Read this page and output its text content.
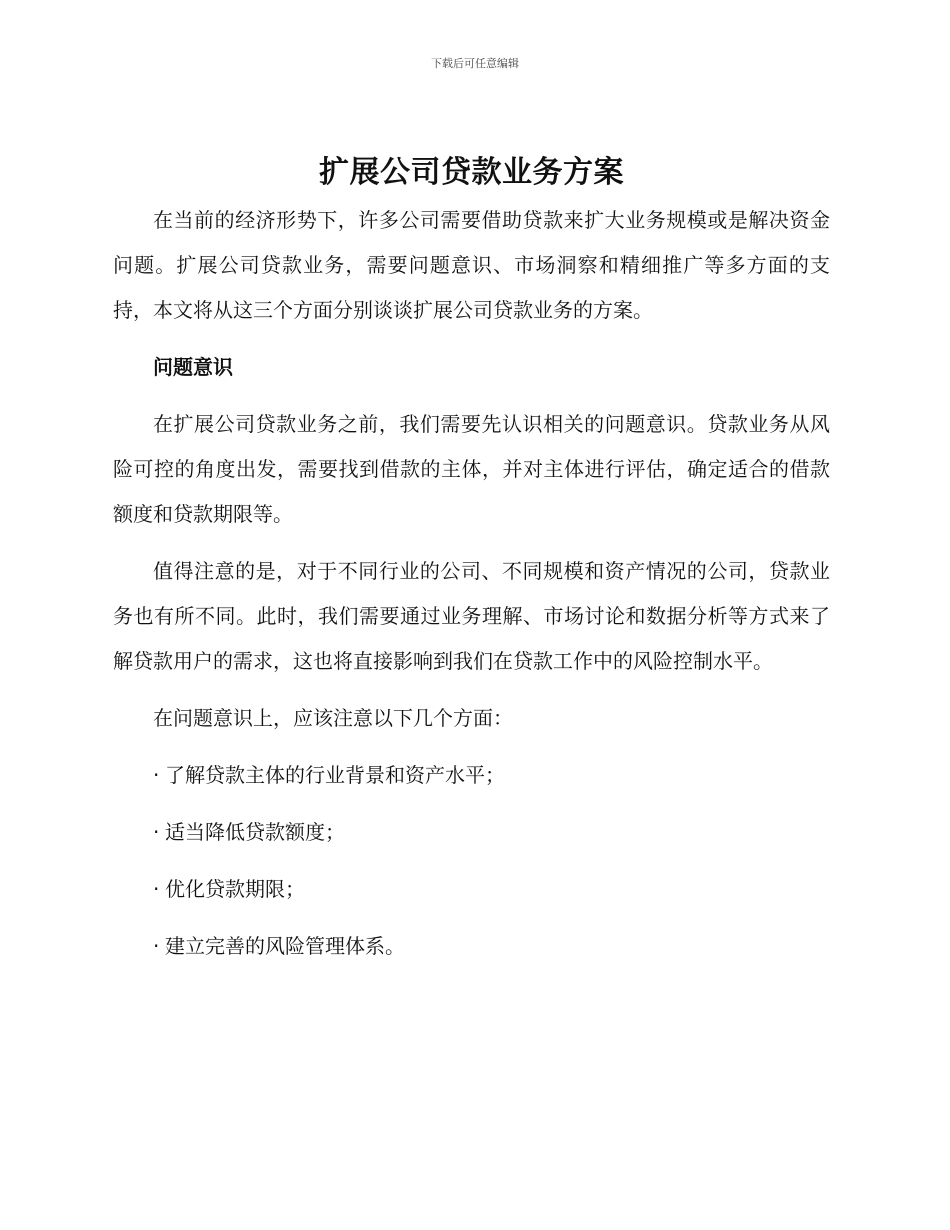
下载后可任意编辑
扩展公司贷款业务方案

在当前的经济形势下，许多公司需要借助贷款来扩大业务规模或是解决资金问题。扩展公司贷款业务，需要问题意识、市场洞察和精细推广等多方面的支持，本文将从这三个方面分别谈谈扩展公司贷款业务的方案。

问题意识

在扩展公司贷款业务之前，我们需要先认识相关的问题意识。贷款业务从风险可控的角度出发，需要找到借款的主体，并对主体进行评估，确定适合的借款额度和贷款期限等。

值得注意的是，对于不同行业的公司、不同规模和资产情况的公司，贷款业务也有所不同。此时，我们需要通过业务理解、市场讨论和数据分析等方式来了解贷款用户的需求，这也将直接影响到我们在贷款工作中的风险控制水平。

在问题意识上，应该注意以下几个方面：

· 了解贷款主体的行业背景和资产水平；
· 适当降低贷款额度；
· 优化贷款期限；
· 建立完善的风险管理体系。
